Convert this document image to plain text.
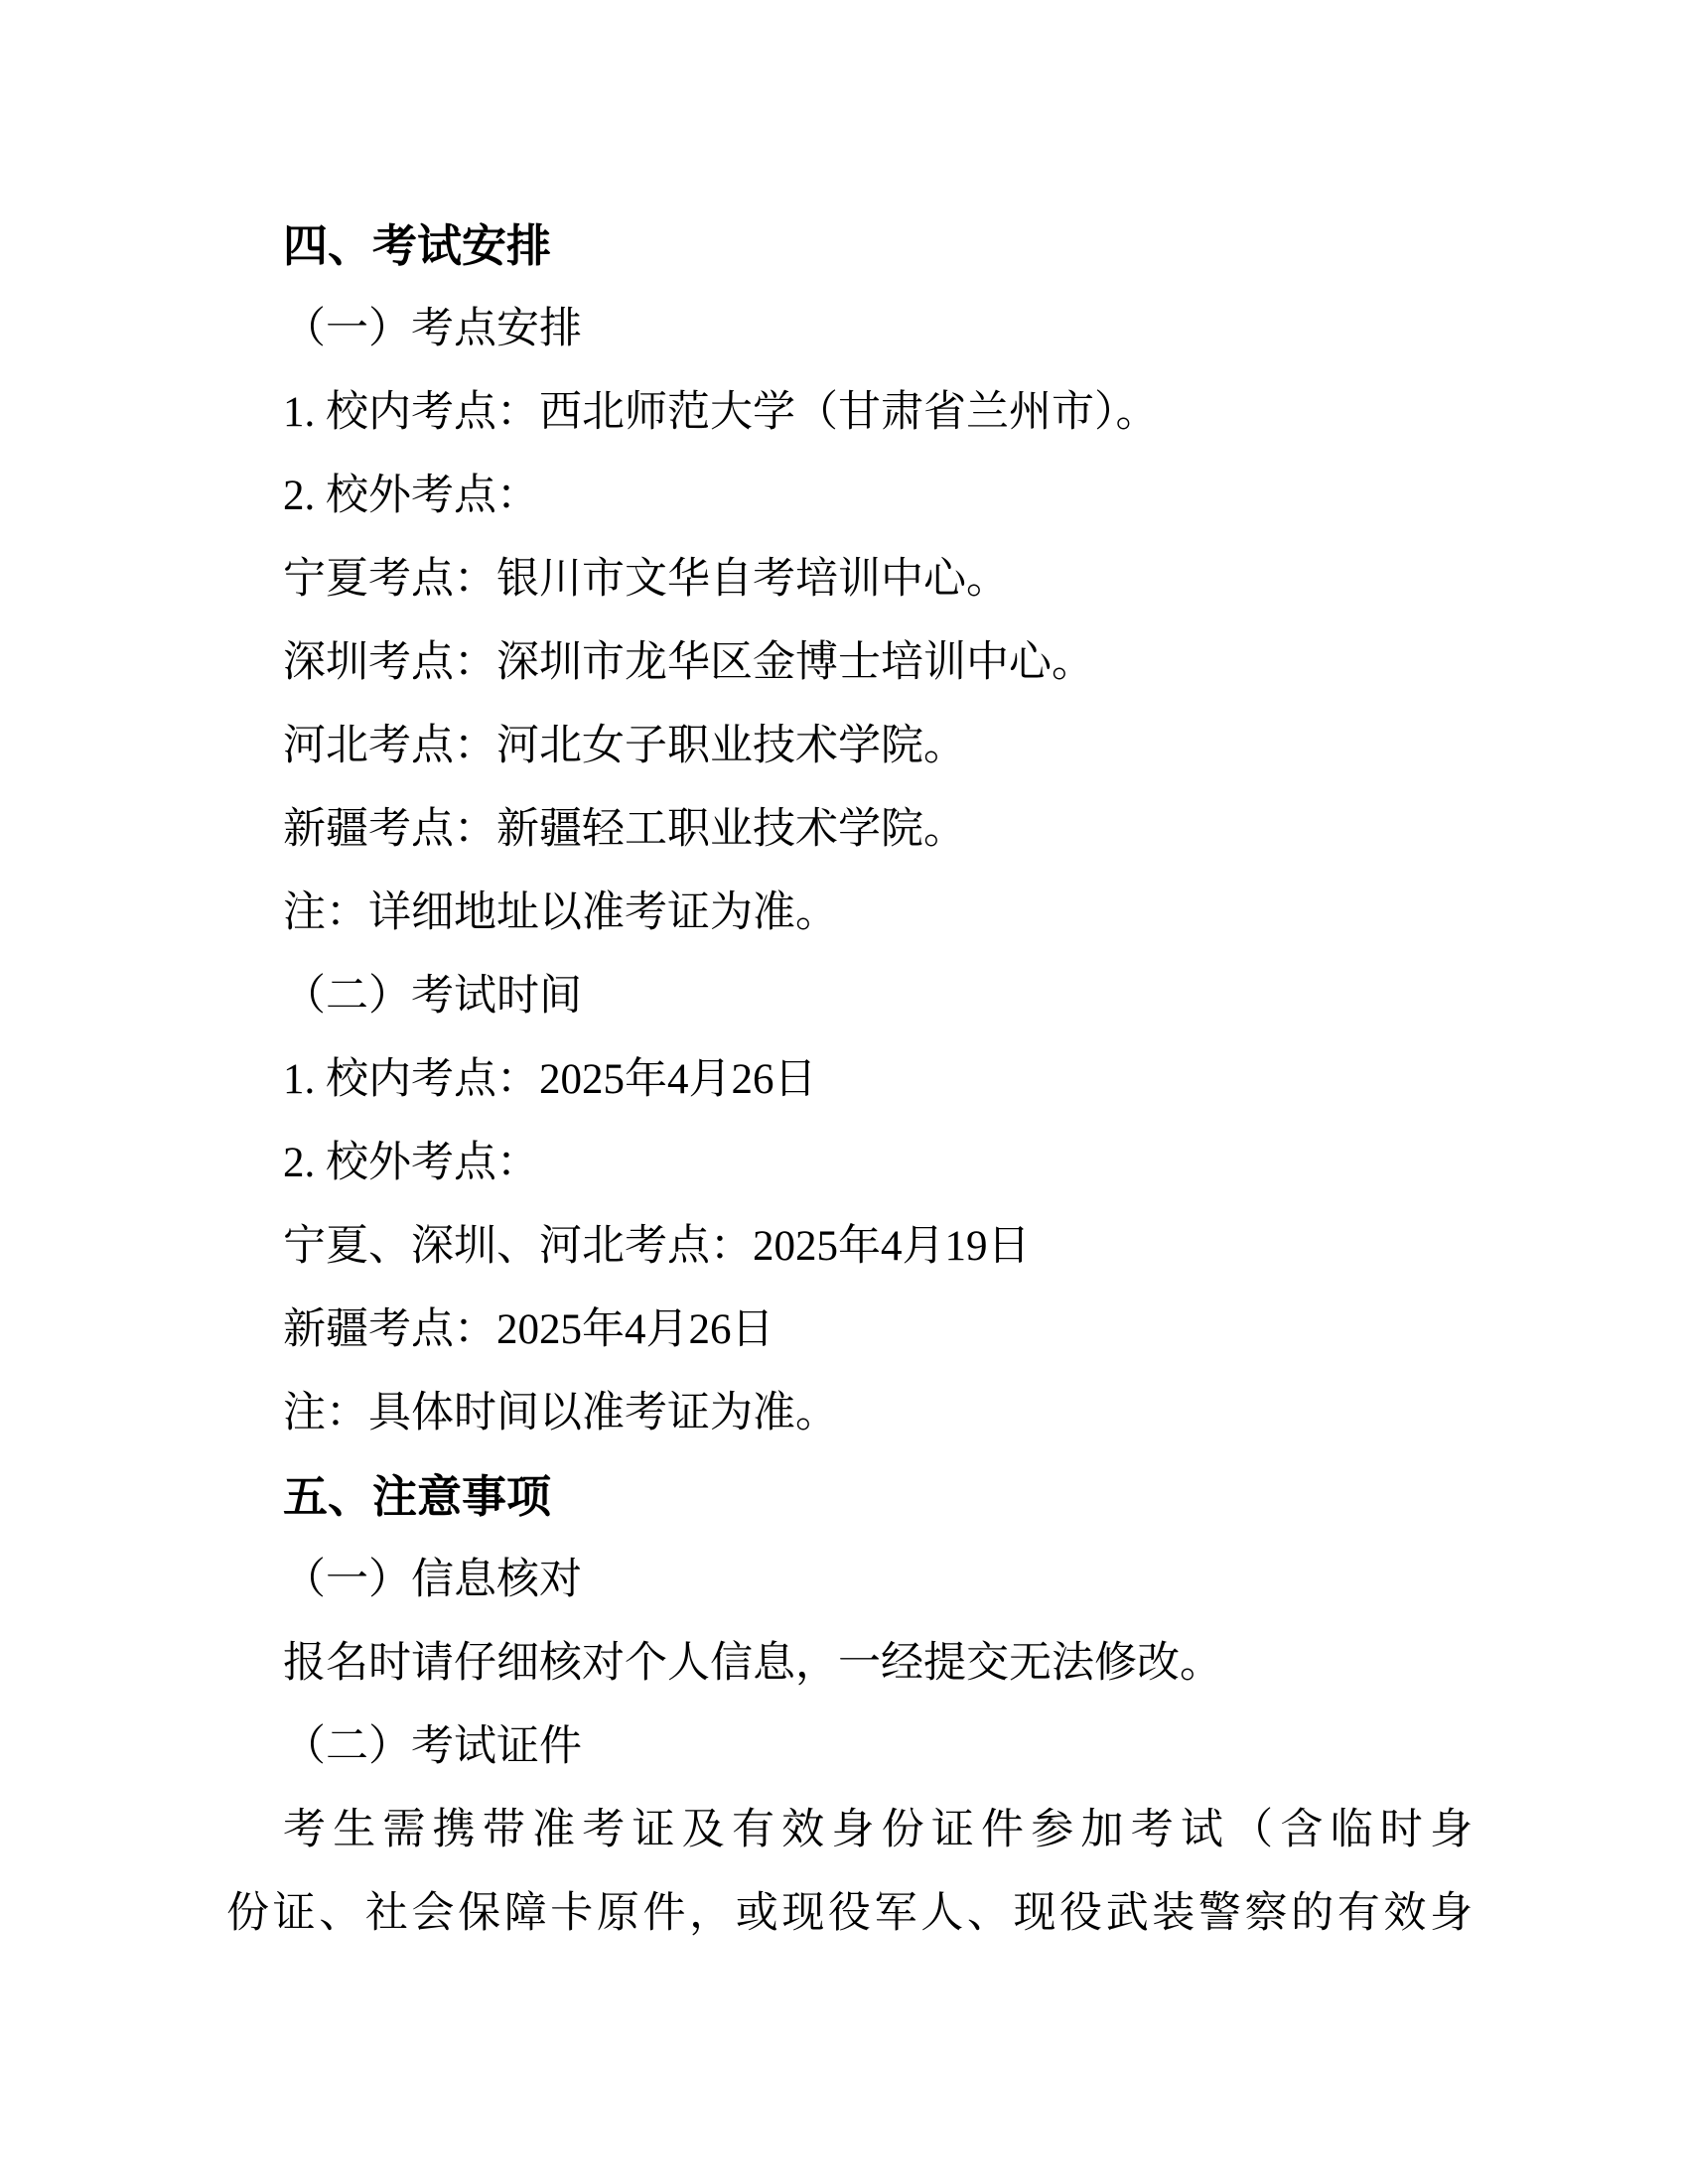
四、考试安排

（一）考点安排

1. 校内考点：西北师范大学（甘肃省兰州市）。

2. 校外考点：

宁夏考点：银川市文华自考培训中心。

深圳考点：深圳市龙华区金博士培训中心。

河北考点：河北女子职业技术学院。

新疆考点：新疆轻工职业技术学院。

注：详细地址以准考证为准。

（二）考试时间

1. 校内考点：2025年4月26日

2. 校外考点：

宁夏、深圳、河北考点：2025年4月19日

新疆考点：2025年4月26日

注：具体时间以准考证为准。

五、注意事项

（一）信息核对

报名时请仔细核对个人信息，一经提交无法修改。

（二）考试证件

考生需携带准考证及有效身份证件参加考试（含临时身
份证、社会保障卡原件，或现役军人、现役武装警察的有效身
